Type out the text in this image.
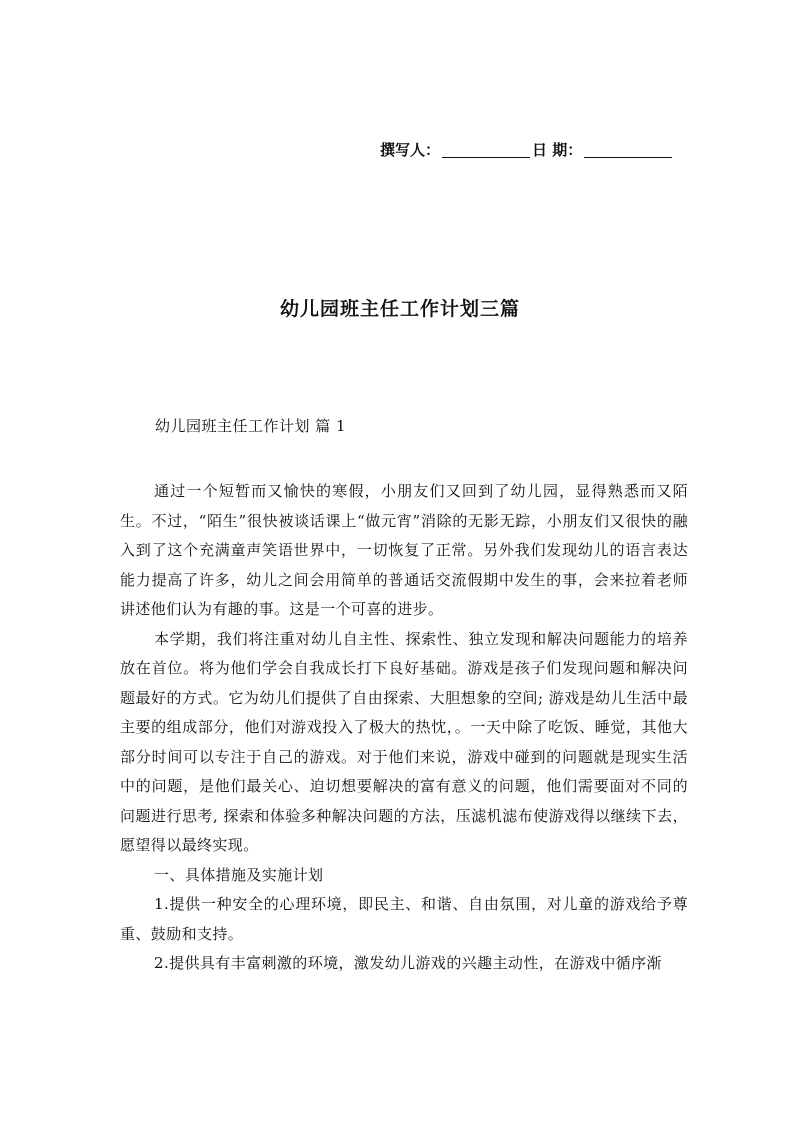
撰写人：	日 期：
幼儿园班主任工作计划三篇
幼儿园班主任工作计划 篇 1

通过一个短暂而又愉快的寒假，小朋友们又回到了幼儿园，显得熟悉而又陌生。不过，“陌生”很快被谈话课上“做元宵”消除的无影无踪，小朋友们又很快的融入到了这个充满童声笑语世界中，一切恢复了正常。另外我们发现幼儿的语言表达能力提高了许多，幼儿之间会用简单的普通话交流假期中发生的事，会来拉着老师讲述他们认为有趣的事。这是一个可喜的进步。

本学期，我们将注重对幼儿自主性、探索性、独立发现和解决问题能力的培养放在首位。将为他们学会自我成长打下良好基础。游戏是孩子们发现问题和解决问题最好的方式。它为幼儿们提供了自由探索、大胆想象的空间; 游戏是幼儿生活中最主要的组成部分，他们对游戏投入了极大的热忱，。一天中除了吃饭、睡觉，其他大部分时间可以专注于自己的游戏。对于他们来说，游戏中碰到的问题就是现实生活中的问题，是他们最关心、迫切想要解决的富有意义的问题，他们需要面对不同的问题进行思考, 探索和体验多种解决问题的方法，压滤机滤布使游戏得以继续下去，愿望得以最终实现。

一、具体措施及实施计划

1.提供一种安全的心理环境，即民主、和谐、自由氛围，对儿童的游戏给予尊重、鼓励和支持。

2.提供具有丰富刺激的环境，激发幼儿游戏的兴趣主动性，在游戏中循序渐
